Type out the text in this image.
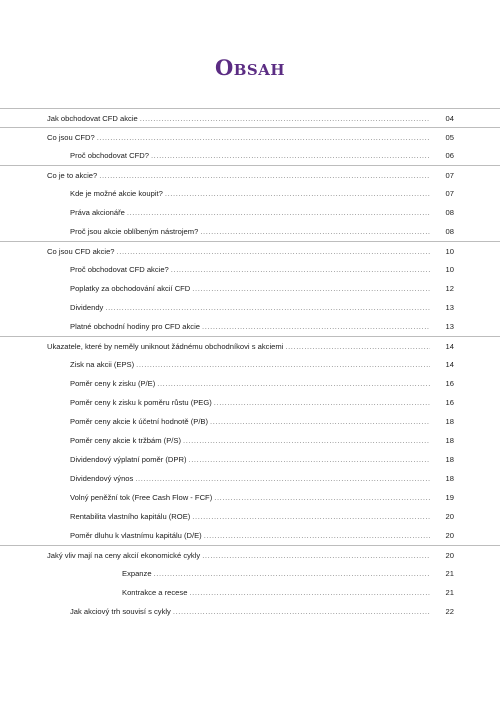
Obsah
Jak obchodovat CFD akcie .....	04
Co jsou CFD? .....	05
Proč obchodovat CFD? .....	06
Co je to akcie? .....	07
Kde je možné akcie koupit? .....	07
Práva akcionáře .....	08
Proč jsou akcie oblíbeným nástrojem? .....	08
Co jsou CFD akcie? .....	10
Proč obchodovat CFD akcie? .....	10
Poplatky za obchodování akcií CFD .....	12
Dividendy .....	13
Platné obchodní hodiny pro CFD akcie .....	13
Ukazatele, které by neměly uniknout žádnému obchodníkovi s akciemi .....	14
Zisk na akcii (EPS) .....	14
Poměr ceny k zisku (P/E) .....	16
Poměr ceny k zisku k poměru růstu (PEG) .....	16
Poměr ceny akcie k účetní hodnotě (P/B) .....	18
Poměr ceny akcie k tržbám (P/S) .....	18
Dividendový výplatní poměr (DPR) .....	18
Dividendový výnos .....	18
Volný peněžní tok (Free Cash Flow - FCF) .....	19
Rentabilita vlastního kapitálu (ROE) .....	20
Poměr dluhu k vlastnímu kapitálu (D/E) .....	20
Jaký vliv mají na ceny akcií ekonomické cykly .....	20
Expanze .....	21
Kontrakce a recese .....	21
Jak akciový trh souvisí s cykly .....	22
